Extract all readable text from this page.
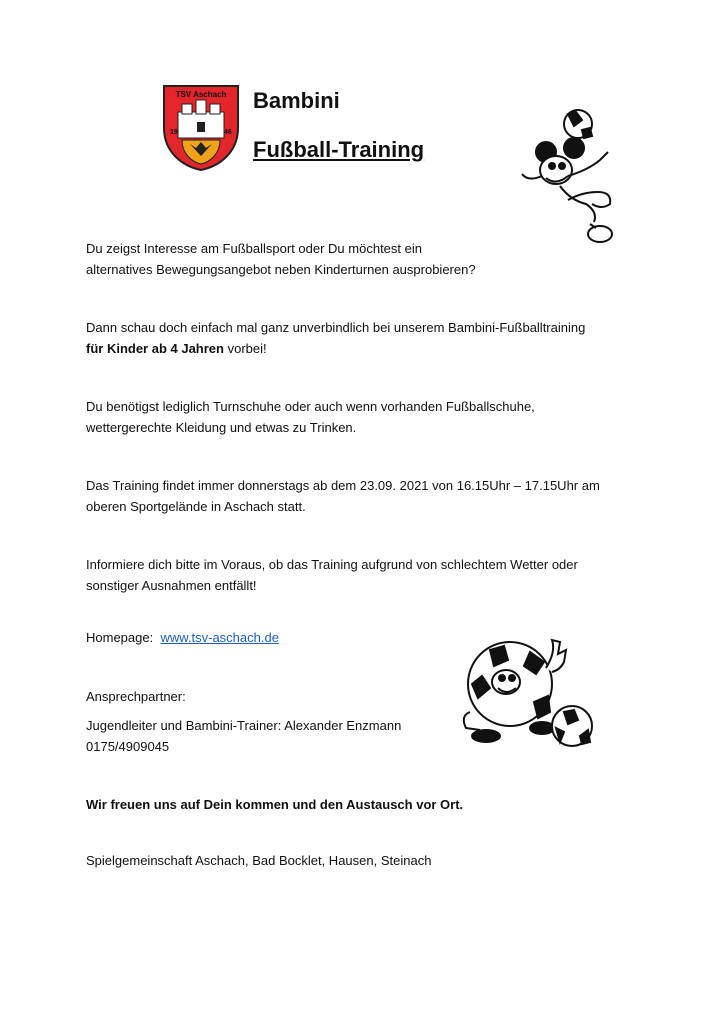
TSV Aschach
19	46
Bambini
Fußball-Training

Du zeigst Interesse am Fußballsport oder Du möchtest ein
alternatives Bewegungsangebot neben Kinderturnen ausprobieren?

Dann schau doch einfach mal ganz unverbindlich bei unserem Bambini-Fußballtraining
für Kinder ab 4 Jahren vorbei!

Du benötigst lediglich Turnschuhe oder auch wenn vorhanden Fußballschuhe,
wettergerechte Kleidung und etwas zu Trinken.

Das Training findet immer donnerstags ab dem 23.09. 2021 von 16.15Uhr – 17.15Uhr am
oberen Sportgelände in Aschach statt.

Informiere dich bitte im Voraus, ob das Training aufgrund von schlechtem Wetter oder
sonstiger Ausnahmen entfällt!

Homepage:  www.tsv-aschach.de

Ansprechpartner:

Jugendleiter und Bambini-Trainer: Alexander Enzmann
0175/4909045

Wir freuen uns auf Dein kommen und den Austausch vor Ort.

Spielgemeinschaft Aschach, Bad Bocklet, Hausen, Steinach
